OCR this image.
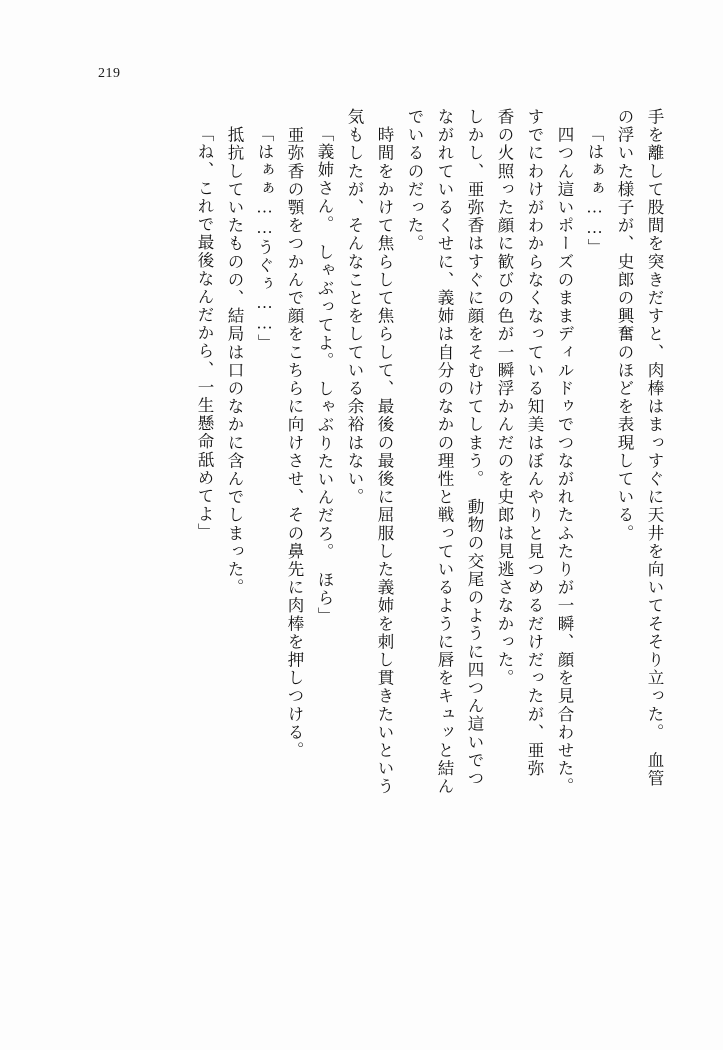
219
手を離して股間を突きだすと、肉棒はまっすぐに天井を向いてそそり立った。　血管
の浮いた様子が、史郎の興奮のほどを表現している。
「はぁぁ……」
　四つん這いポーズのままディルドゥでつながれたふたりが一瞬、顔を見合わせた。
すでにわけがわからなくなっている知美はぼんやりと見つめるだけだったが、亜弥
香の火照った顔に歓びの色が一瞬浮かんだのを史郎は見逃さなかった。
しかし、亜弥香はすぐに顔をそむけてしまう。　動物の交尾のように四つん這いでつ
ながれているくせに、義姉は自分のなかの理性と戦っているように唇をキュッと結ん
でいるのだった。
　時間をかけて焦らして焦らして、最後の最後に屈服した義姉を刺し貫きたいという
気もしたが、そんなことをしている余裕はない。
「義姉さん。　しゃぶってよ。　しゃぶりたいんだろ。　ほら」
　亜弥香の顎をつかんで顔をこちらに向けさせ、その鼻先に肉棒を押しつける。
「はぁぁ……うぐぅ……」
　抵抗していたものの、結局は口のなかに含んでしまった。
「ね、これで最後なんだから、一生懸命舐めてよ」
